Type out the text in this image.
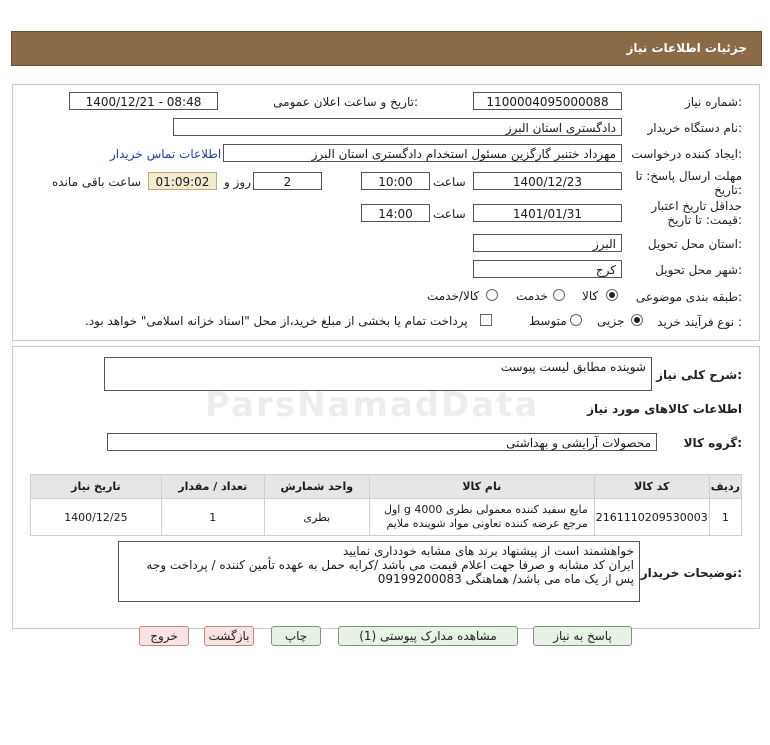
جزئیات اطلاعات نیاز
شماره نیاز:
1100004095000088
تاریخ و ساعت اعلان عمومی:
1400/12/21 - 08:48
نام دستگاه خریدار:
دادگستری استان البرز
ایجاد کننده درخواست:
مهرداد ختنبر گارگزین مسئول استخدام دادگستری استان البرز
اطلاعات تماس خریدار
مهلت ارسال پاسخ: تا
تاریخ:
1400/12/23
ساعت
10:00
2
روز و
01:09:02
ساعت باقی مانده
حداقل تاریخ اعتبار
قیمت: تا تاریخ:
1401/01/31
ساعت
14:00
استان محل تحویل:
البرز
شهر محل تحویل:
کرج
طبقه بندی موضوعی:
کالا
خدمت
کالا/خدمت
نوع فرآیند خرید :
جزیی
متوسط
پرداخت تمام یا بخشی از مبلغ خرید،از محل "اسناد خزانه اسلامی" خواهد بود.
شرح کلی نیاز:
شوینده مطابق لیست پیوست
ParsNamadData	اطلاعات کالاهای مورد نیاز
گروه کالا:
محصولات آرایشی و بهداشتی
ردیف	کد کالا	نام کالا	واحد شمارش	تعداد / مقدار	تاریخ نیاز
1	2161110209530003	مایع سفید کننده معمولی بطری 4000 g اول مرجع عرضه کننده تعاونی مواد شوینده ملایم	بطری	1	1400/12/25
توضیحات خریدار:
خواهشمند است از پیشنهاد برند های مشابه خودداری نمایید
ایران کد مشابه و صرفا جهت اعلام قیمت می باشد /کرایه حمل به عهده تأمین کننده / پرداخت وجه
پس از یک ماه می باشد/ هماهنگی 09199200083
پاسخ به نیاز
مشاهده مدارک پیوستی (1)
چاپ
بازگشت
خروج
